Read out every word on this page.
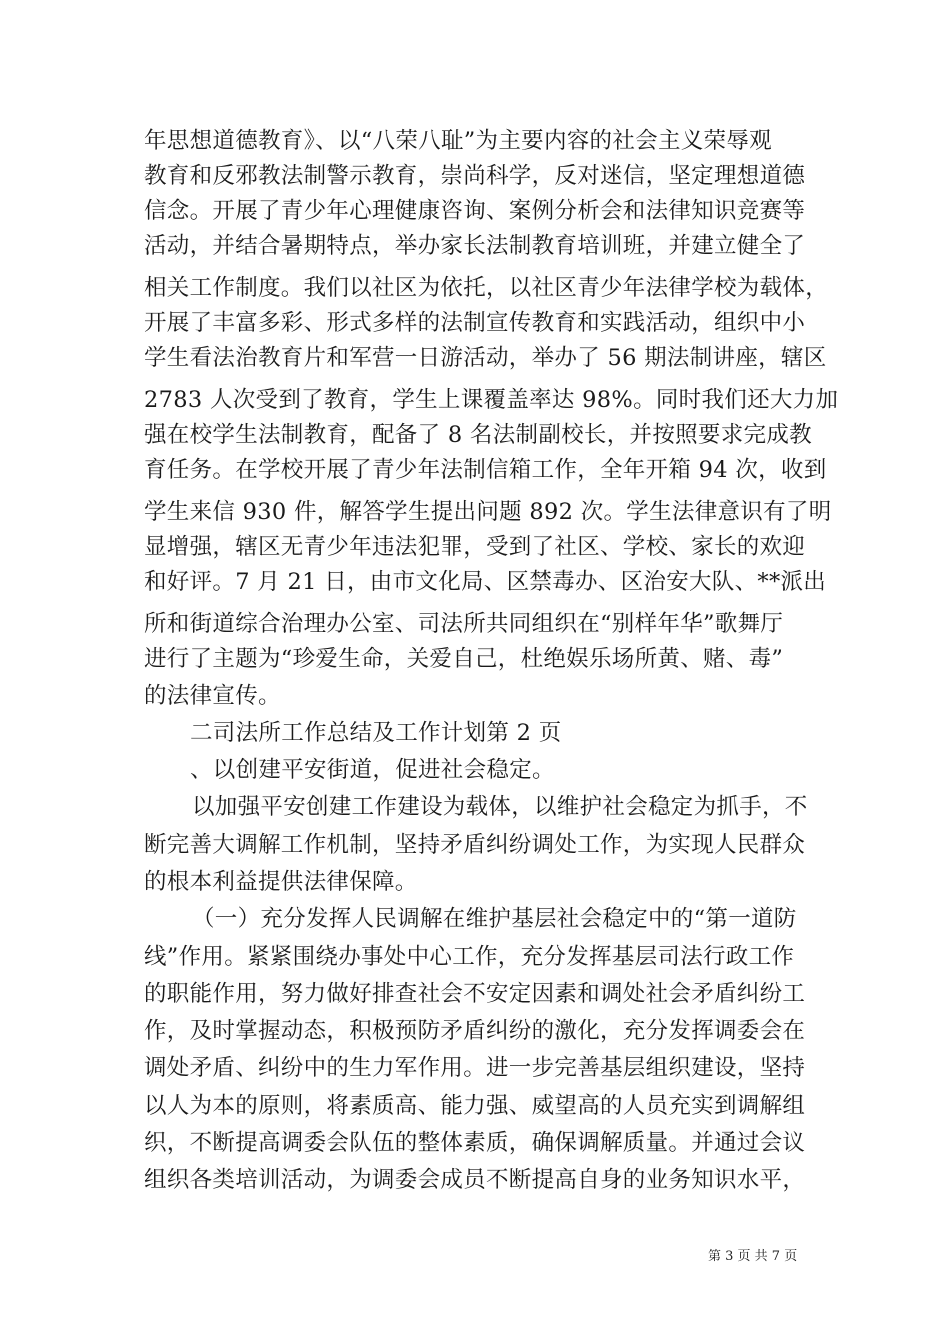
年思想道德教育》、以“八荣八耻”为主要内容的社会主义荣辱观
教育和反邪教法制警示教育，崇尚科学，反对迷信，坚定理想道德
信念。开展了青少年心理健康咨询、案例分析会和法律知识竞赛等
活动，并结合暑期特点，举办家长法制教育培训班，并建立健全了
相关工作制度。我们以社区为依托，以社区青少年法律学校为载体，
开展了丰富多彩、形式多样的法制宣传教育和实践活动，组织中小
学生看法治教育片和军营一日游活动，举办了 56 期法制讲座，辖区
2783 人次受到了教育，学生上课覆盖率达 98%。同时我们还大力加
强在校学生法制教育，配备了 8 名法制副校长，并按照要求完成教
育任务。在学校开展了青少年法制信箱工作，全年开箱 94 次，收到
学生来信 930 件，解答学生提出问题 892 次。学生法律意识有了明
显增强，辖区无青少年违法犯罪，受到了社区、学校、家长的欢迎
和好评。7 月 21 日，由市文化局、区禁毒办、区治安大队、**派出
所和街道综合治理办公室、司法所共同组织在“别样年华”歌舞厅
进行了主题为“珍爱生命，关爱自己，杜绝娱乐场所黄、赌、毒”
的法律宣传。
二司法所工作总结及工作计划第 2 页
、以创建平安街道，促进社会稳定。
以加强平安创建工作建设为载体，以维护社会稳定为抓手，不
断完善大调解工作机制，坚持矛盾纠纷调处工作，为实现人民群众
的根本利益提供法律保障。
（一）充分发挥人民调解在维护基层社会稳定中的“第一道防
线”作用。紧紧围绕办事处中心工作，充分发挥基层司法行政工作
的职能作用，努力做好排查社会不安定因素和调处社会矛盾纠纷工
作，及时掌握动态，积极预防矛盾纠纷的激化，充分发挥调委会在
调处矛盾、纠纷中的生力军作用。进一步完善基层组织建设，坚持
以人为本的原则，将素质高、能力强、威望高的人员充实到调解组
织，不断提高调委会队伍的整体素质，确保调解质量。并通过会议
组织各类培训活动，为调委会成员不断提高自身的业务知识水平，
第 3 页 共 7 页
